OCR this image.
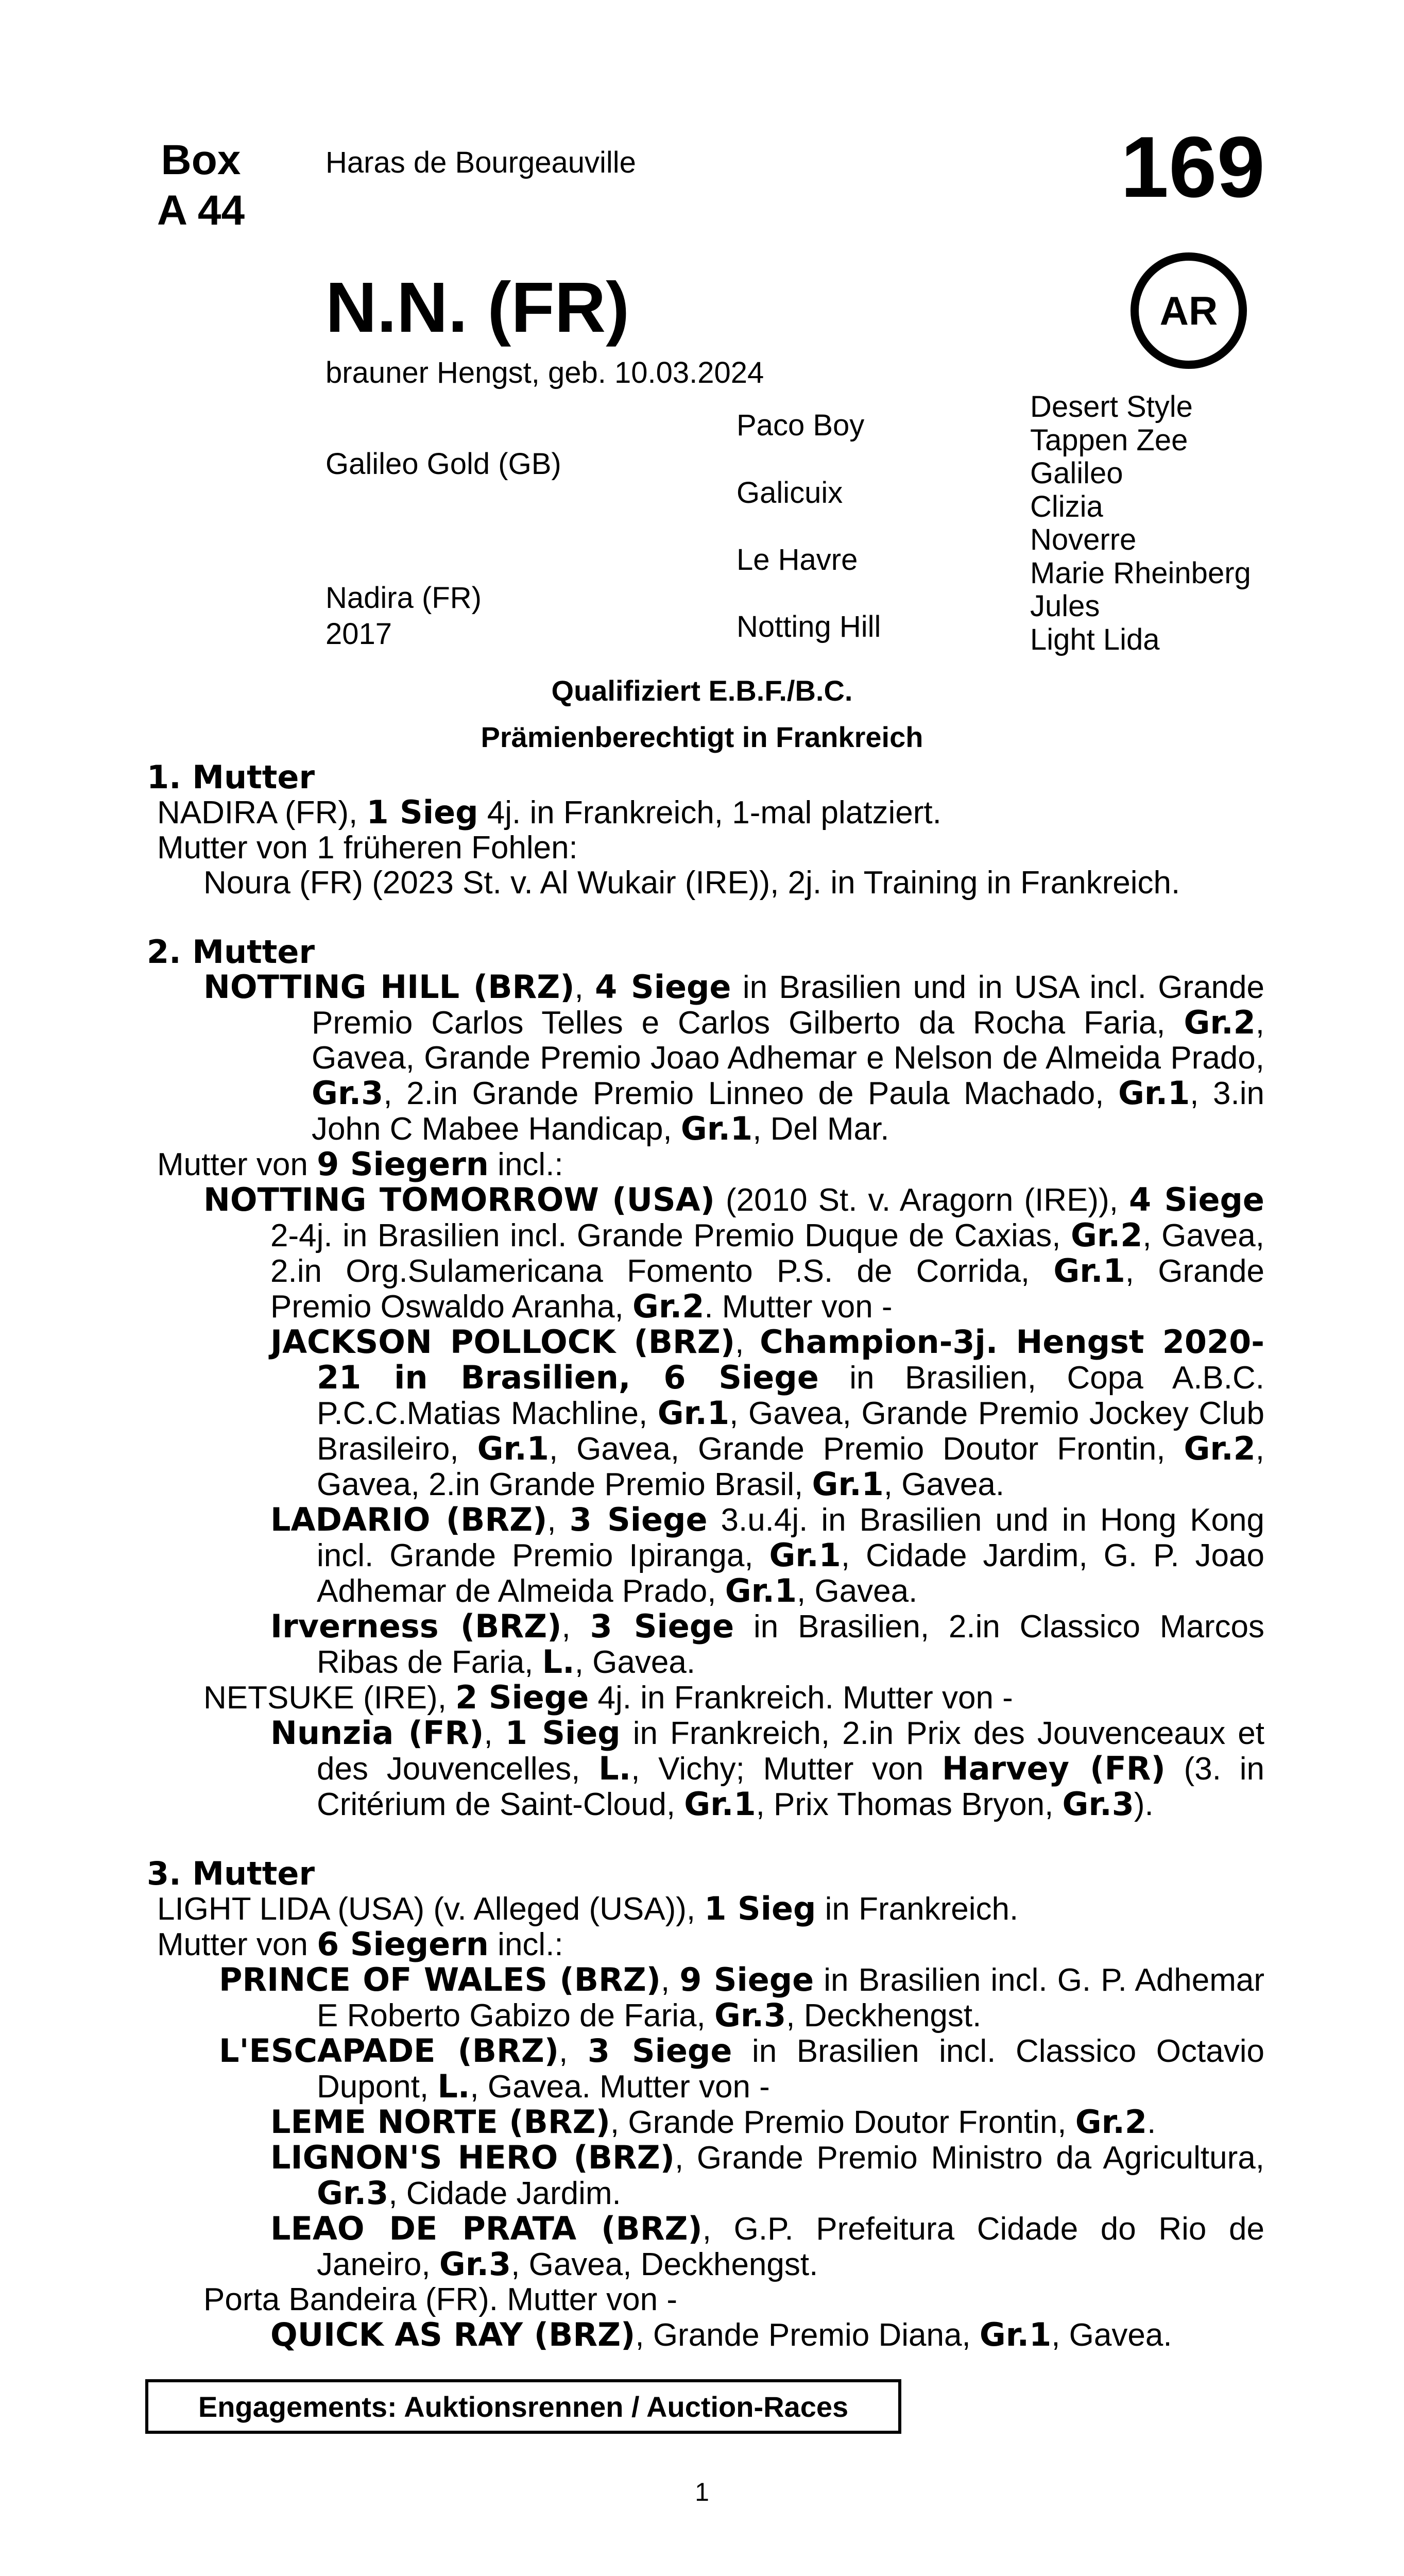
Box
A 44
Haras de Bourgeauville	169
AR
N.N. (FR)
brauner Hengst, geb. 10.03.2024
Galileo Gold (GB)
Nadira (FR)
2017
Paco Boy
Galicuix
Le Havre
Notting Hill
Desert Style
Tappen Zee
Galileo
Clizia
Noverre
Marie Rheinberg
Jules
Light Lida
Qualifiziert E.B.F./B.C.
Prämienberechtigt in Frankreich

1. Mutter

NADIRA (FR), 1 Sieg 4j. in Frankreich, 1-mal platziert.

Mutter von 1 früheren Fohlen:

Noura (FR) (2023 St. v. Al Wukair (IRE)), 2j. in Training in Frankreich.

2. Mutter

NOTTING HILL (BRZ), 4 Siege in Brasilien und in USA incl. Grande Premio Carlos Telles e Carlos Gilberto da Rocha Faria, Gr.2, Gavea, Grande Premio Joao Adhemar e Nelson de Almeida Prado, Gr.3, 2.in Grande Premio Linneo de Paula Machado, Gr.1, 3.in John C Mabee Handicap, Gr.1, Del Mar.

Mutter von 9 Siegern incl.:

NOTTING TOMORROW (USA) (2010 St. v. Aragorn (IRE)), 4 Siege 2-4j. in Brasilien incl. Grande Premio Duque de Caxias, Gr.2, Gavea, 2.in Org.Sulamericana Fomento P.S. de Corrida, Gr.1, Grande Premio Oswaldo Aranha, Gr.2. Mutter von -

JACKSON POLLOCK (BRZ), Champion-3j. Hengst 2020-21 in Brasilien, 6 Siege in Brasilien, Copa A.B.C. P.C.C.Matias Machline, Gr.1, Gavea, Grande Premio Jockey Club Brasileiro, Gr.1, Gavea, Grande Premio Doutor Frontin, Gr.2, Gavea, 2.in Grande Premio Brasil, Gr.1, Gavea.

LADARIO (BRZ), 3 Siege 3.u.4j. in Brasilien und in Hong Kong incl. Grande Premio Ipiranga, Gr.1, Cidade Jardim, G. P. Joao Adhemar de Almeida Prado, Gr.1, Gavea.

Irverness (BRZ), 3 Siege in Brasilien, 2.in Classico Marcos Ribas de Faria, L., Gavea.

NETSUKE (IRE), 2 Siege 4j. in Frankreich. Mutter von -

Nunzia (FR), 1 Sieg in Frankreich, 2.in Prix des Jouvenceaux et des Jouvencelles, L., Vichy; Mutter von Harvey (FR) (3. in Critérium de Saint-Cloud, Gr.1, Prix Thomas Bryon, Gr.3).

3. Mutter

LIGHT LIDA (USA) (v. Alleged (USA)), 1 Sieg in Frankreich.

Mutter von 6 Siegern incl.:

PRINCE OF WALES (BRZ), 9 Siege in Brasilien incl. G. P. Adhemar E Roberto Gabizo de Faria, Gr.3, Deckhengst.

L'ESCAPADE (BRZ), 3 Siege in Brasilien incl. Classico Octavio Dupont, L., Gavea. Mutter von -

LEME NORTE (BRZ), Grande Premio Doutor Frontin, Gr.2.

LIGNON'S HERO (BRZ), Grande Premio Ministro da Agricultura, Gr.3, Cidade Jardim.

LEAO DE PRATA (BRZ), G.P. Prefeitura Cidade do Rio de Janeiro, Gr.3, Gavea, Deckhengst.

Porta Bandeira (FR). Mutter von -

QUICK AS RAY (BRZ), Grande Premio Diana, Gr.1, Gavea.

Engagements: Auktionsrennen / Auction-Races
1
